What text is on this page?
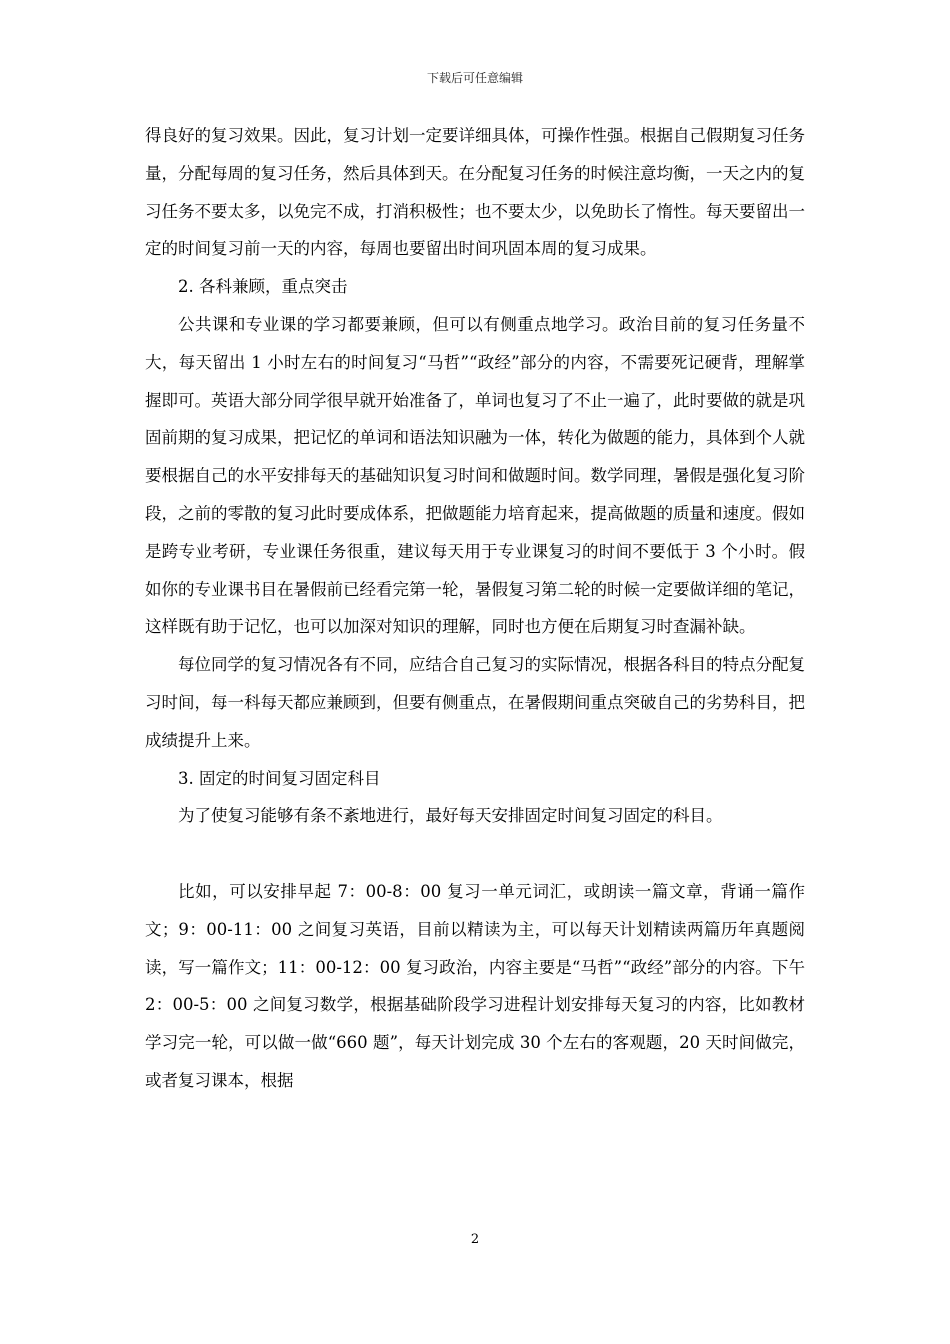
下载后可任意编辑

得良好的复习效果。因此，复习计划一定要详细具体，可操作性强。根据自己假期复习任务量，分配每周的复习任务，然后具体到天。在分配复习任务的时候注意均衡，一天之内的复习任务不要太多，以免完不成，打消积极性；也不要太少，以免助长了惰性。每天要留出一定的时间复习前一天的内容，每周也要留出时间巩固本周的复习成果。

2. 各科兼顾，重点突击

公共课和专业课的学习都要兼顾，但可以有侧重点地学习。政治目前的复习任务量不大，每天留出 1 小时左右的时间复习“马哲”“政经”部分的内容，不需要死记硬背，理解掌握即可。英语大部分同学很早就开始准备了，单词也复习了不止一遍了，此时要做的就是巩固前期的复习成果，把记忆的单词和语法知识融为一体，转化为做题的能力，具体到个人就要根据自己的水平安排每天的基础知识复习时间和做题时间。数学同理，暑假是强化复习阶段，之前的零散的复习此时要成体系，把做题能力培育起来，提高做题的质量和速度。假如是跨专业考研，专业课任务很重，建议每天用于专业课复习的时间不要低于 3 个小时。假如你的专业课书目在暑假前已经看完第一轮，暑假复习第二轮的时候一定要做详细的笔记，这样既有助于记忆，也可以加深对知识的理解，同时也方便在后期复习时查漏补缺。

每位同学的复习情况各有不同，应结合自己复习的实际情况，根据各科目的特点分配复习时间，每一科每天都应兼顾到，但要有侧重点，在暑假期间重点突破自己的劣势科目，把成绩提升上来。

3. 固定的时间复习固定科目

为了使复习能够有条不紊地进行，最好每天安排固定时间复习固定的科目。

比如，可以安排早起 7：00-8：00 复习一单元词汇，或朗读一篇文章，背诵一篇作文；9：00-11：00 之间复习英语，目前以精读为主，可以每天计划精读两篇历年真题阅读，写一篇作文；11：00-12：00 复习政治，内容主要是“马哲”“政经”部分的内容。下午 2：00-5：00 之间复习数学，根据基础阶段学习进程计划安排每天复习的内容，比如教材学习完一轮，可以做一做“660 题”，每天计划完成 30 个左右的客观题，20 天时间做完，或者复习课本，根据

2
